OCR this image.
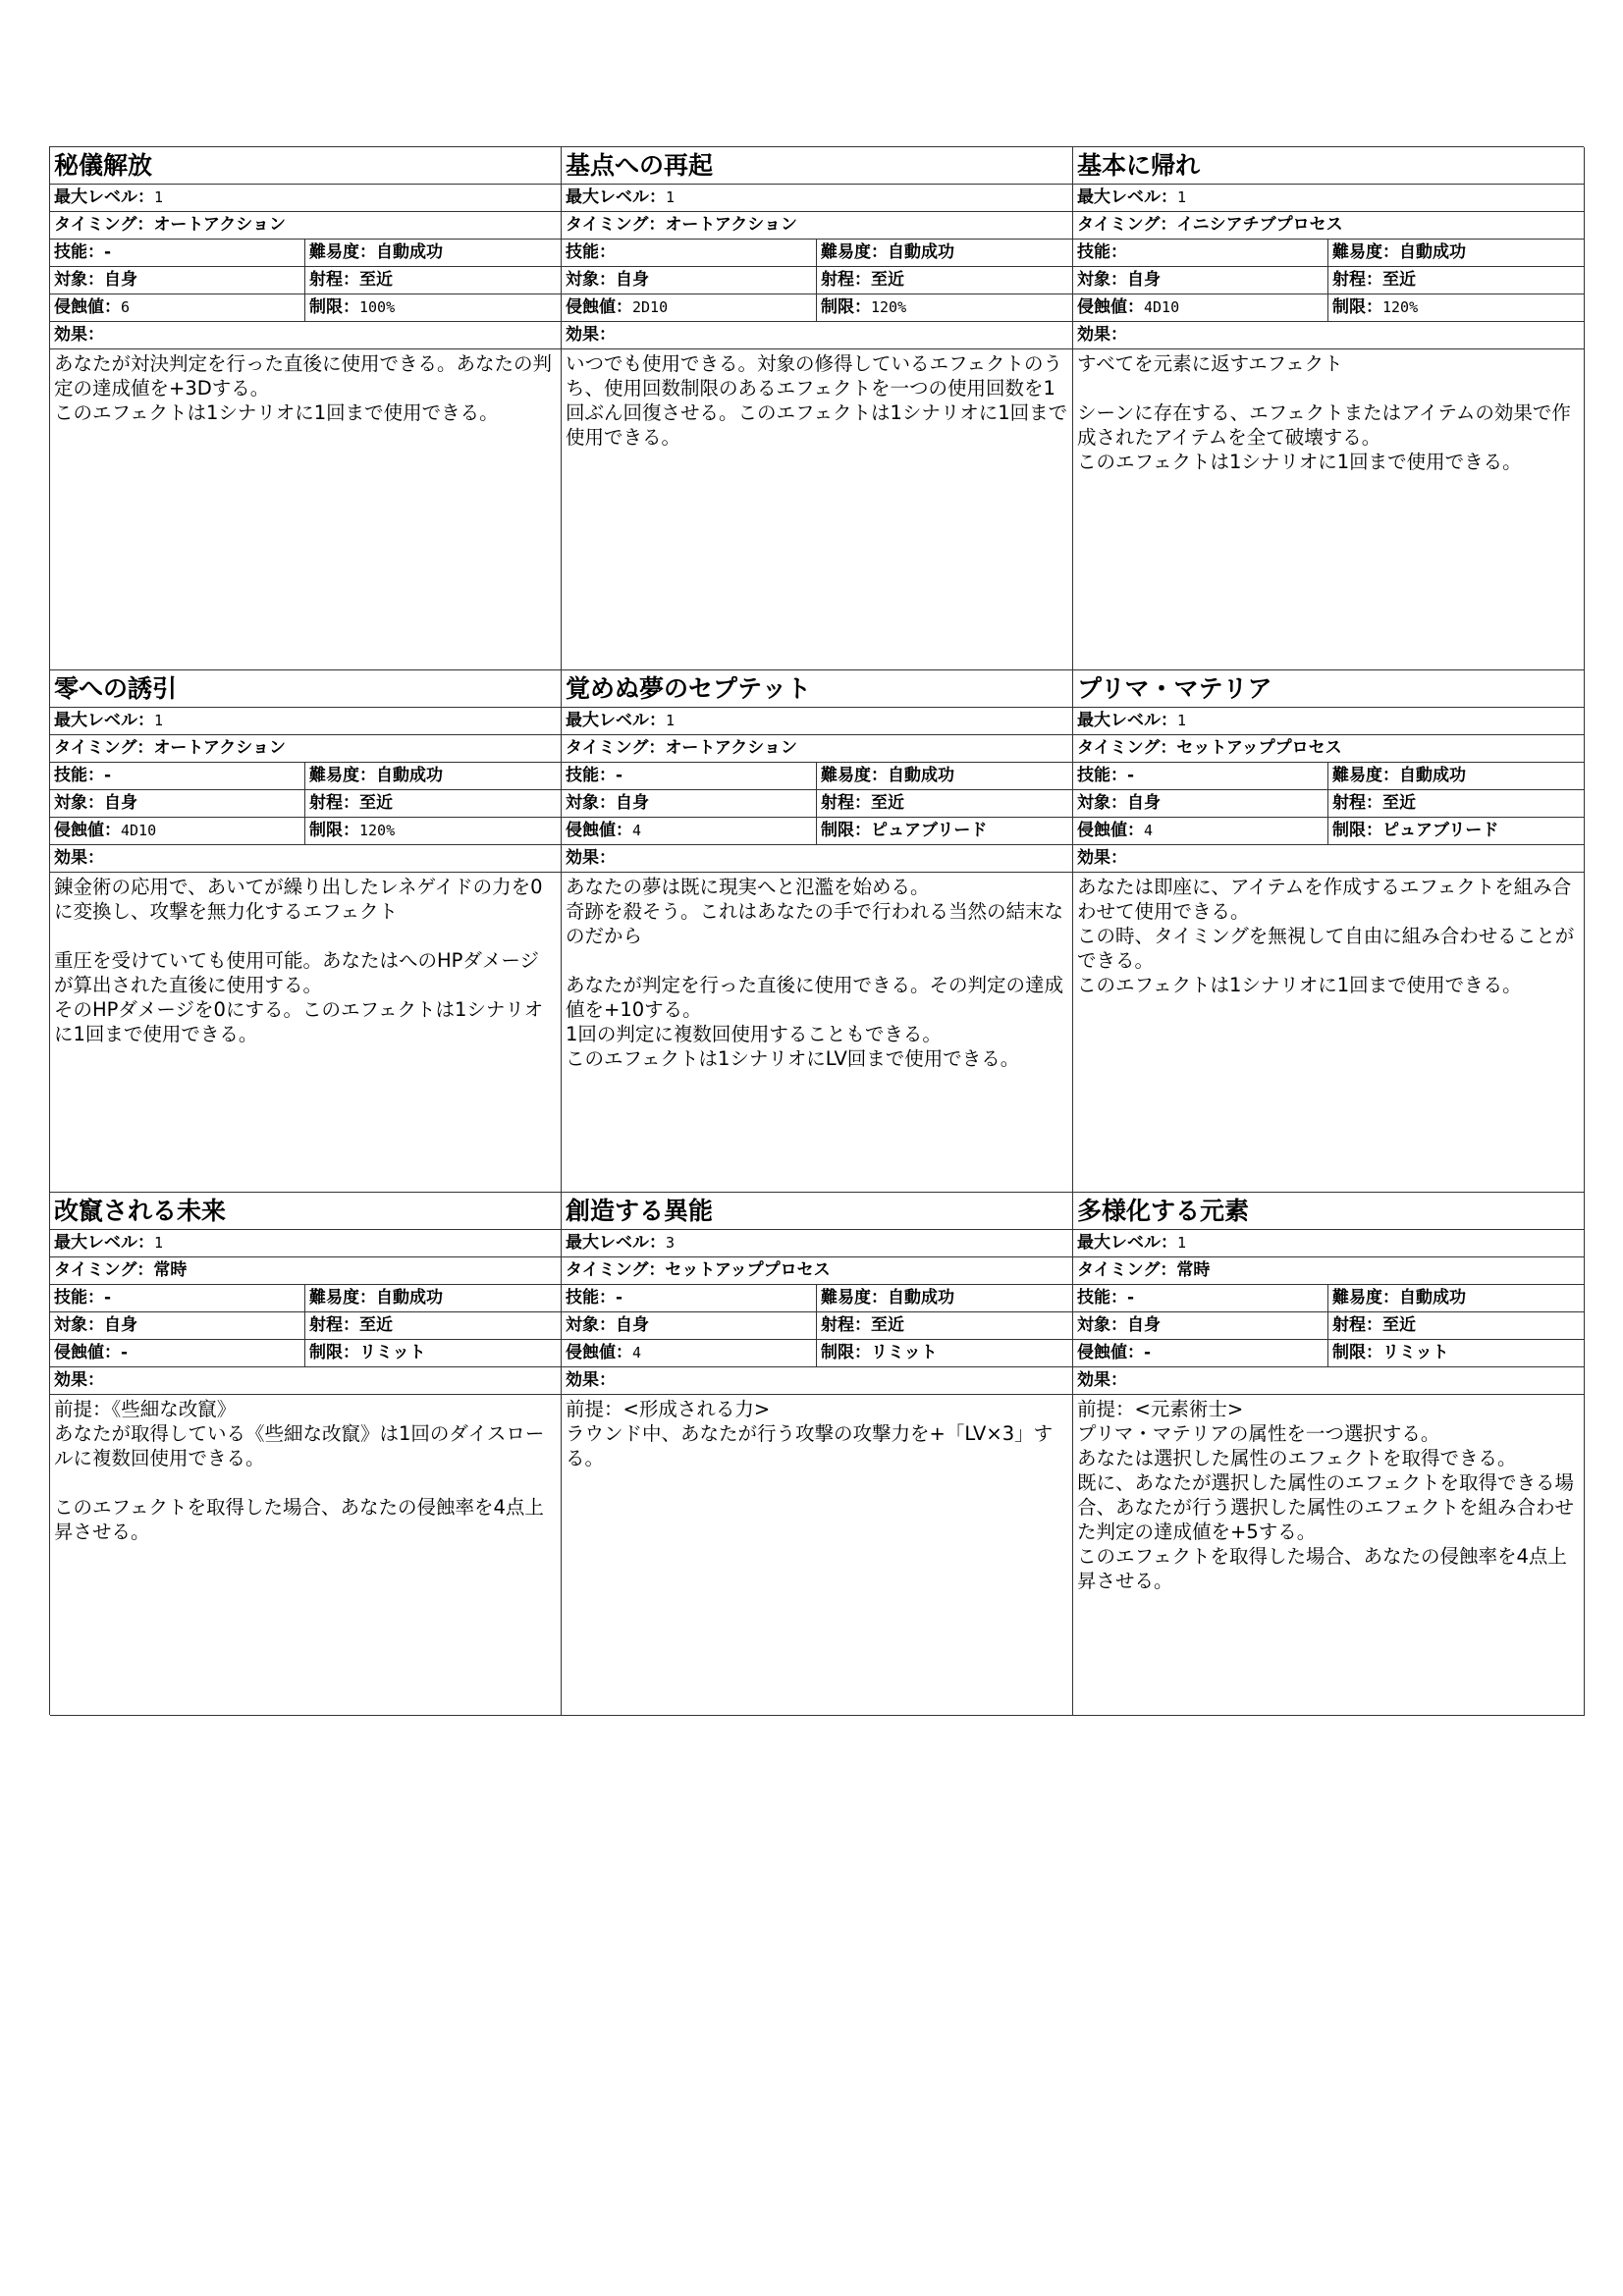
秘儀解放
最大レベル：1
タイミング：オートアクション
技能：-	難易度：自動成功
対象：自身	射程：至近
侵蝕値：6	制限：100%
効果：
あなたが対決判定を行った直後に使用できる。あなたの判定の達成値を+3Dする。
このエフェクトは1シナリオに1回まで使用できる。
基点への再起
最大レベル：1
タイミング：オートアクション
技能：	難易度：自動成功
対象：自身	射程：至近
侵蝕値：2D10	制限：120%
効果：
いつでも使用できる。対象の修得しているエフェクトのうち、使用回数制限のあるエフェクトを一つの使用回数を1回ぶん回復させる。このエフェクトは1シナリオに1回まで使用できる。
基本に帰れ
最大レベル：1
タイミング：イニシアチブプロセス
技能：	難易度：自動成功
対象：自身	射程：至近
侵蝕値：4D10	制限：120%
効果：
すべてを元素に返すエフェクト

シーンに存在する、エフェクトまたはアイテムの効果で作成されたアイテムを全て破壊する。
このエフェクトは1シナリオに1回まで使用できる。
零への誘引
最大レベル：1
タイミング：オートアクション
技能：-	難易度：自動成功
対象：自身	射程：至近
侵蝕値：4D10	制限：120%
効果：
錬金術の応用で、あいてが繰り出したレネゲイドの力を0に変換し、攻撃を無力化するエフェクト

重圧を受けていても使用可能。あなたはへのHPダメージが算出された直後に使用する。
そのHPダメージを0にする。このエフェクトは1シナリオに1回まで使用できる。
覚めぬ夢のセプテット
最大レベル：1
タイミング：オートアクション
技能：-	難易度：自動成功
対象：自身	射程：至近
侵蝕値：4	制限：ピュアブリード
効果：
あなたの夢は既に現実へと氾濫を始める。
奇跡を殺そう。これはあなたの手で行われる当然の結末なのだから

あなたが判定を行った直後に使用できる。その判定の達成値を+10する。
1回の判定に複数回使用することもできる。
このエフェクトは1シナリオにLV回まで使用できる。
プリマ・マテリア
最大レベル：1
タイミング：セットアッププロセス
技能：-	難易度：自動成功
対象：自身	射程：至近
侵蝕値：4	制限：ピュアブリード
効果：
あなたは即座に、アイテムを作成するエフェクトを組み合わせて使用できる。
この時、タイミングを無視して自由に組み合わせることができる。
このエフェクトは1シナリオに1回まで使用できる。
改竄される未来
最大レベル：1
タイミング：常時
技能：-	難易度：自動成功
対象：自身	射程：至近
侵蝕値：-	制限：リミット
効果：
前提：《些細な改竄》
あなたが取得している《些細な改竄》は1回のダイスロールに複数回使用できる。

このエフェクトを取得した場合、あなたの侵蝕率を4点上昇させる。
創造する異能
最大レベル：3
タイミング：セットアッププロセス
技能：-	難易度：自動成功
対象：自身	射程：至近
侵蝕値：4	制限：リミット
効果：
前提：<形成される力>
ラウンド中、あなたが行う攻撃の攻撃力を+「LV×3」する。
多様化する元素
最大レベル：1
タイミング：常時
技能：-	難易度：自動成功
対象：自身	射程：至近
侵蝕値：-	制限：リミット
効果：
前提：<元素術士>
プリマ・マテリアの属性を一つ選択する。
あなたは選択した属性のエフェクトを取得できる。
既に、あなたが選択した属性のエフェクトを取得できる場合、あなたが行う選択した属性のエフェクトを組み合わせた判定の達成値を+5する。
このエフェクトを取得した場合、あなたの侵蝕率を4点上昇させる。
